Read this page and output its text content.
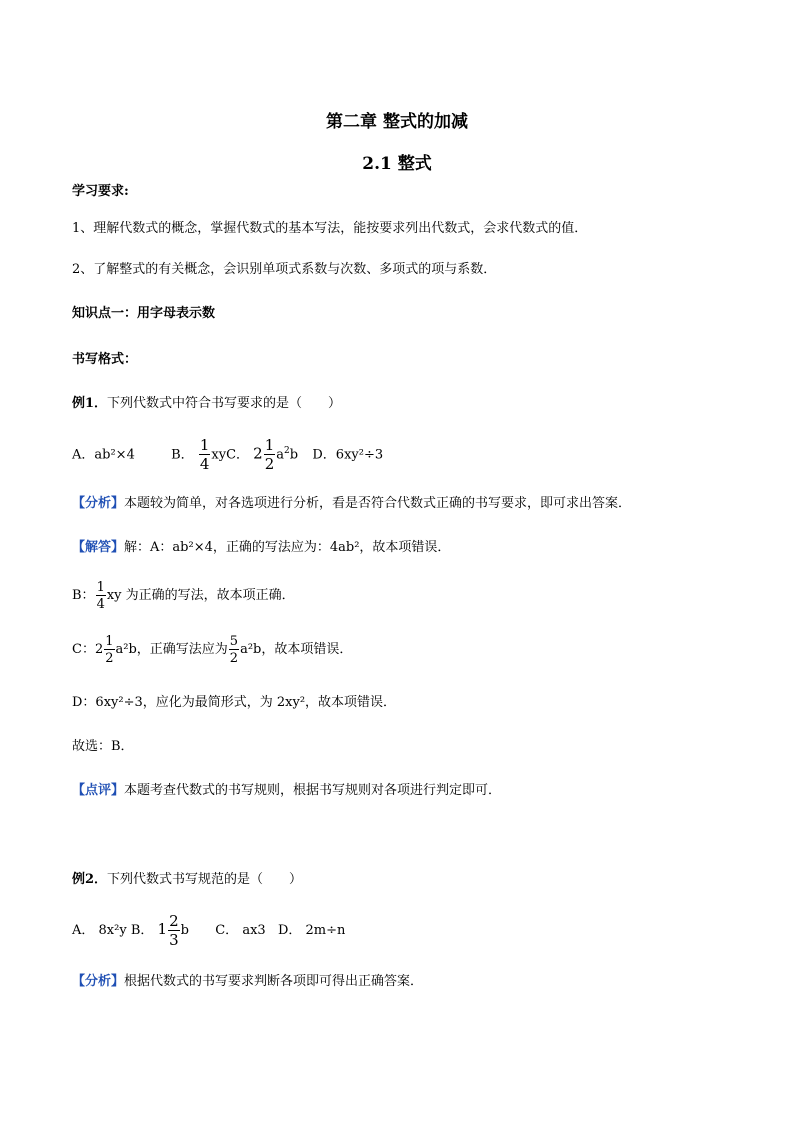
第二章 整式的加减
2.1 整式
学习要求:
1、理解代数式的概念，掌握代数式的基本写法，能按要求列出代数式，会求代数式的值．
2、了解整式的有关概念，会识别单项式系数与次数、多项式的项与系数．
知识点一：用字母表示数
书写格式：
例1．下列代数式中符合书写要求的是（　　）
A．ab²×4	B． $\frac{1}{4}$ xyC． $2 \frac{1}{2} a^2b$ D．6xy²÷3
【分析】本题较为简单，对各选项进行分析，看是否符合代数式正确的书写要求，即可求出答案．
【解答】解：A：ab²×4，正确的写法应为：4ab²，故本项错误．
B： $\frac{1}{4}$ xy 为正确的写法，故本项正确．
C：$2 \frac{1}{2} a^2b$，正确写法应为 $\frac{5}{2} a^2b$，故本项错误．
D：6xy²÷3，应化为最简形式，为 2xy²，故本项错误．
故选：B．
【点评】本题考查代数式的书写规则，根据书写规则对各项进行判定即可．
例2．下列代数式书写规范的是（　　）
A． 8x²y B． $1 \frac{2}{3}$ b C． ax3 D． 2m÷n
【分析】根据代数式的书写要求判断各项即可得出正确答案．
